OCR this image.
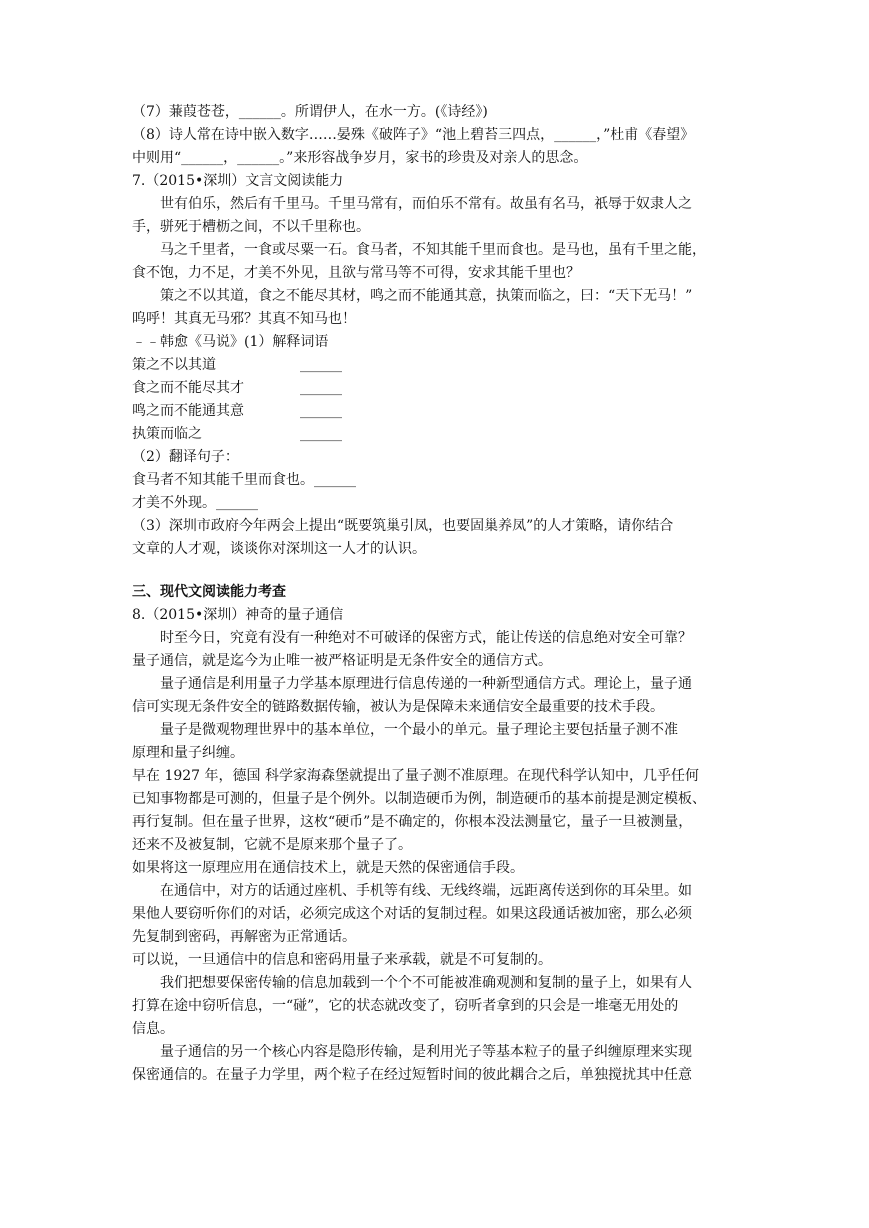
（7）蒹葭苍苍，______。所谓伊人，在水一方。(《诗经》)
（8）诗人常在诗中嵌入数字……晏殊《破阵子》“池上碧苔三四点，______，”杜甫《春望》
中则用“______，______。”来形容战争岁月，家书的珍贵及对亲人的思念。
7.（2015•深圳）文言文阅读能力
世有伯乐，然后有千里马。千里马常有，而伯乐不常有。故虽有名马，祇辱于奴隶人之
手，骈死于槽枥之间，不以千里称也。
马之千里者，一食或尽粟一石。食马者，不知其能千里而食也。是马也，虽有千里之能，
食不饱，力不足，才美不外见，且欲与常马等不可得，安求其能千里也？
策之不以其道，食之不能尽其材，鸣之而不能通其意，执策而临之，曰：“天下无马！”
呜呼！其真无马邪？其真不知马也！
﹣﹣韩愈《马说》(1）解释词语
策之不以其道	______
食之而不能尽其才	______
鸣之而不能通其意	______
执策而临之	______
（2）翻译句子：
食马者不知其能千里而食也。______
才美不外现。______
（3）深圳市政府今年两会上提出“既要筑巢引凤，也要固巢养凤”的人才策略，请你结合
文章的人才观，谈谈你对深圳这一人才的认识。
三、现代文阅读能力考查
8.（2015•深圳）神奇的量子通信
时至今日，究竟有没有一种绝对不可破译的保密方式，能让传送的信息绝对安全可靠？
量子通信，就是迄今为止唯一被严格证明是无条件安全的通信方式。
量子通信是利用量子力学基本原理进行信息传递的一种新型通信方式。理论上，量子通
信可实现无条件安全的链路数据传输，被认为是保障未来通信安全最重要的技术手段。
量子是微观物理世界中的基本单位，一个最小的单元。量子理论主要包括量子测不准
原理和量子纠缠。
早在 1927 年，德国 科学家海森堡就提出了量子测不准原理。在现代科学认知中，几乎任何
已知事物都是可测的，但量子是个例外。以制造硬币为例，制造硬币的基本前提是测定模板、
再行复制。但在量子世界，这枚“硬币”是不确定的，你根本没法测量它，量子一旦被测量，
还来不及被复制，它就不是原来那个量子了。
如果将这一原理应用在通信技术上，就是天然的保密通信手段。
在通信中，对方的话通过座机、手机等有线、无线终端，远距离传送到你的耳朵里。如
果他人要窃听你们的对话，必须完成这个对话的复制过程。如果这段通话被加密，那么必须
先复制到密码，再解密为正常通话。
可以说，一旦通信中的信息和密码用量子来承载，就是不可复制的。
我们把想要保密传输的信息加载到一个个不可能被准确观测和复制的量子上，如果有人
打算在途中窃听信息，一“碰”，它的状态就改变了，窃听者拿到的只会是一堆毫无用处的
信息。
量子通信的另一个核心内容是隐形传输，是利用光子等基本粒子的量子纠缠原理来实现
保密通信的。在量子力学里，两个粒子在经过短暂时间的彼此耦合之后，单独搅扰其中任意
